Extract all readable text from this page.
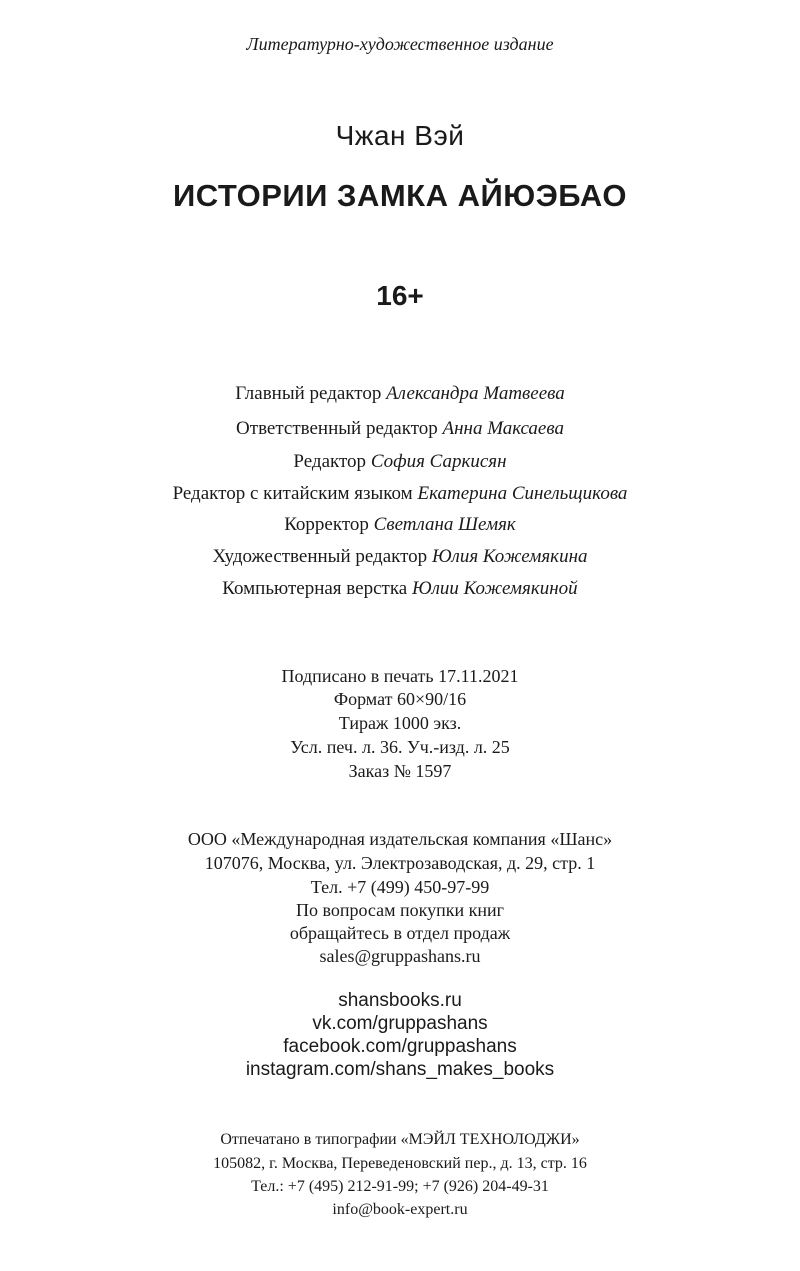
Литературно-художественное издание
Чжан Вэй
ИСТОРИИ ЗАМКА АЙЮЭБАО
16+
Главный редактор Александра Матвеева
Ответственный редактор Анна Максаева
Редактор София Саркисян
Редактор с китайским языком Екатерина Синельщикова
Корректор Светлана Шемяк
Художественный редактор Юлия Кожемякина
Компьютерная верстка Юлии Кожемякиной
Подписано в печать 17.11.2021
Формат 60×90/16
Тираж 1000 экз.
Усл. печ. л. 36. Уч.-изд. л. 25
Заказ № 1597
ООО «Международная издательская компания «Шанс»
107076, Москва, ул. Электрозаводская, д. 29, стр. 1
Тел. +7 (499) 450-97-99
По вопросам покупки книг
обращайтесь в отдел продаж
sales@gruppashans.ru
shansbooks.ru
vk.com/gruppashans
facebook.com/gruppashans
instagram.com/shans_makes_books
Отпечатано в типографии «МЭЙЛ ТЕХНОЛОДЖИ»
105082, г. Москва, Переведеновский пер., д. 13, стр. 16
Тел.: +7 (495) 212-91-99; +7 (926) 204-49-31
info@book-expert.ru
